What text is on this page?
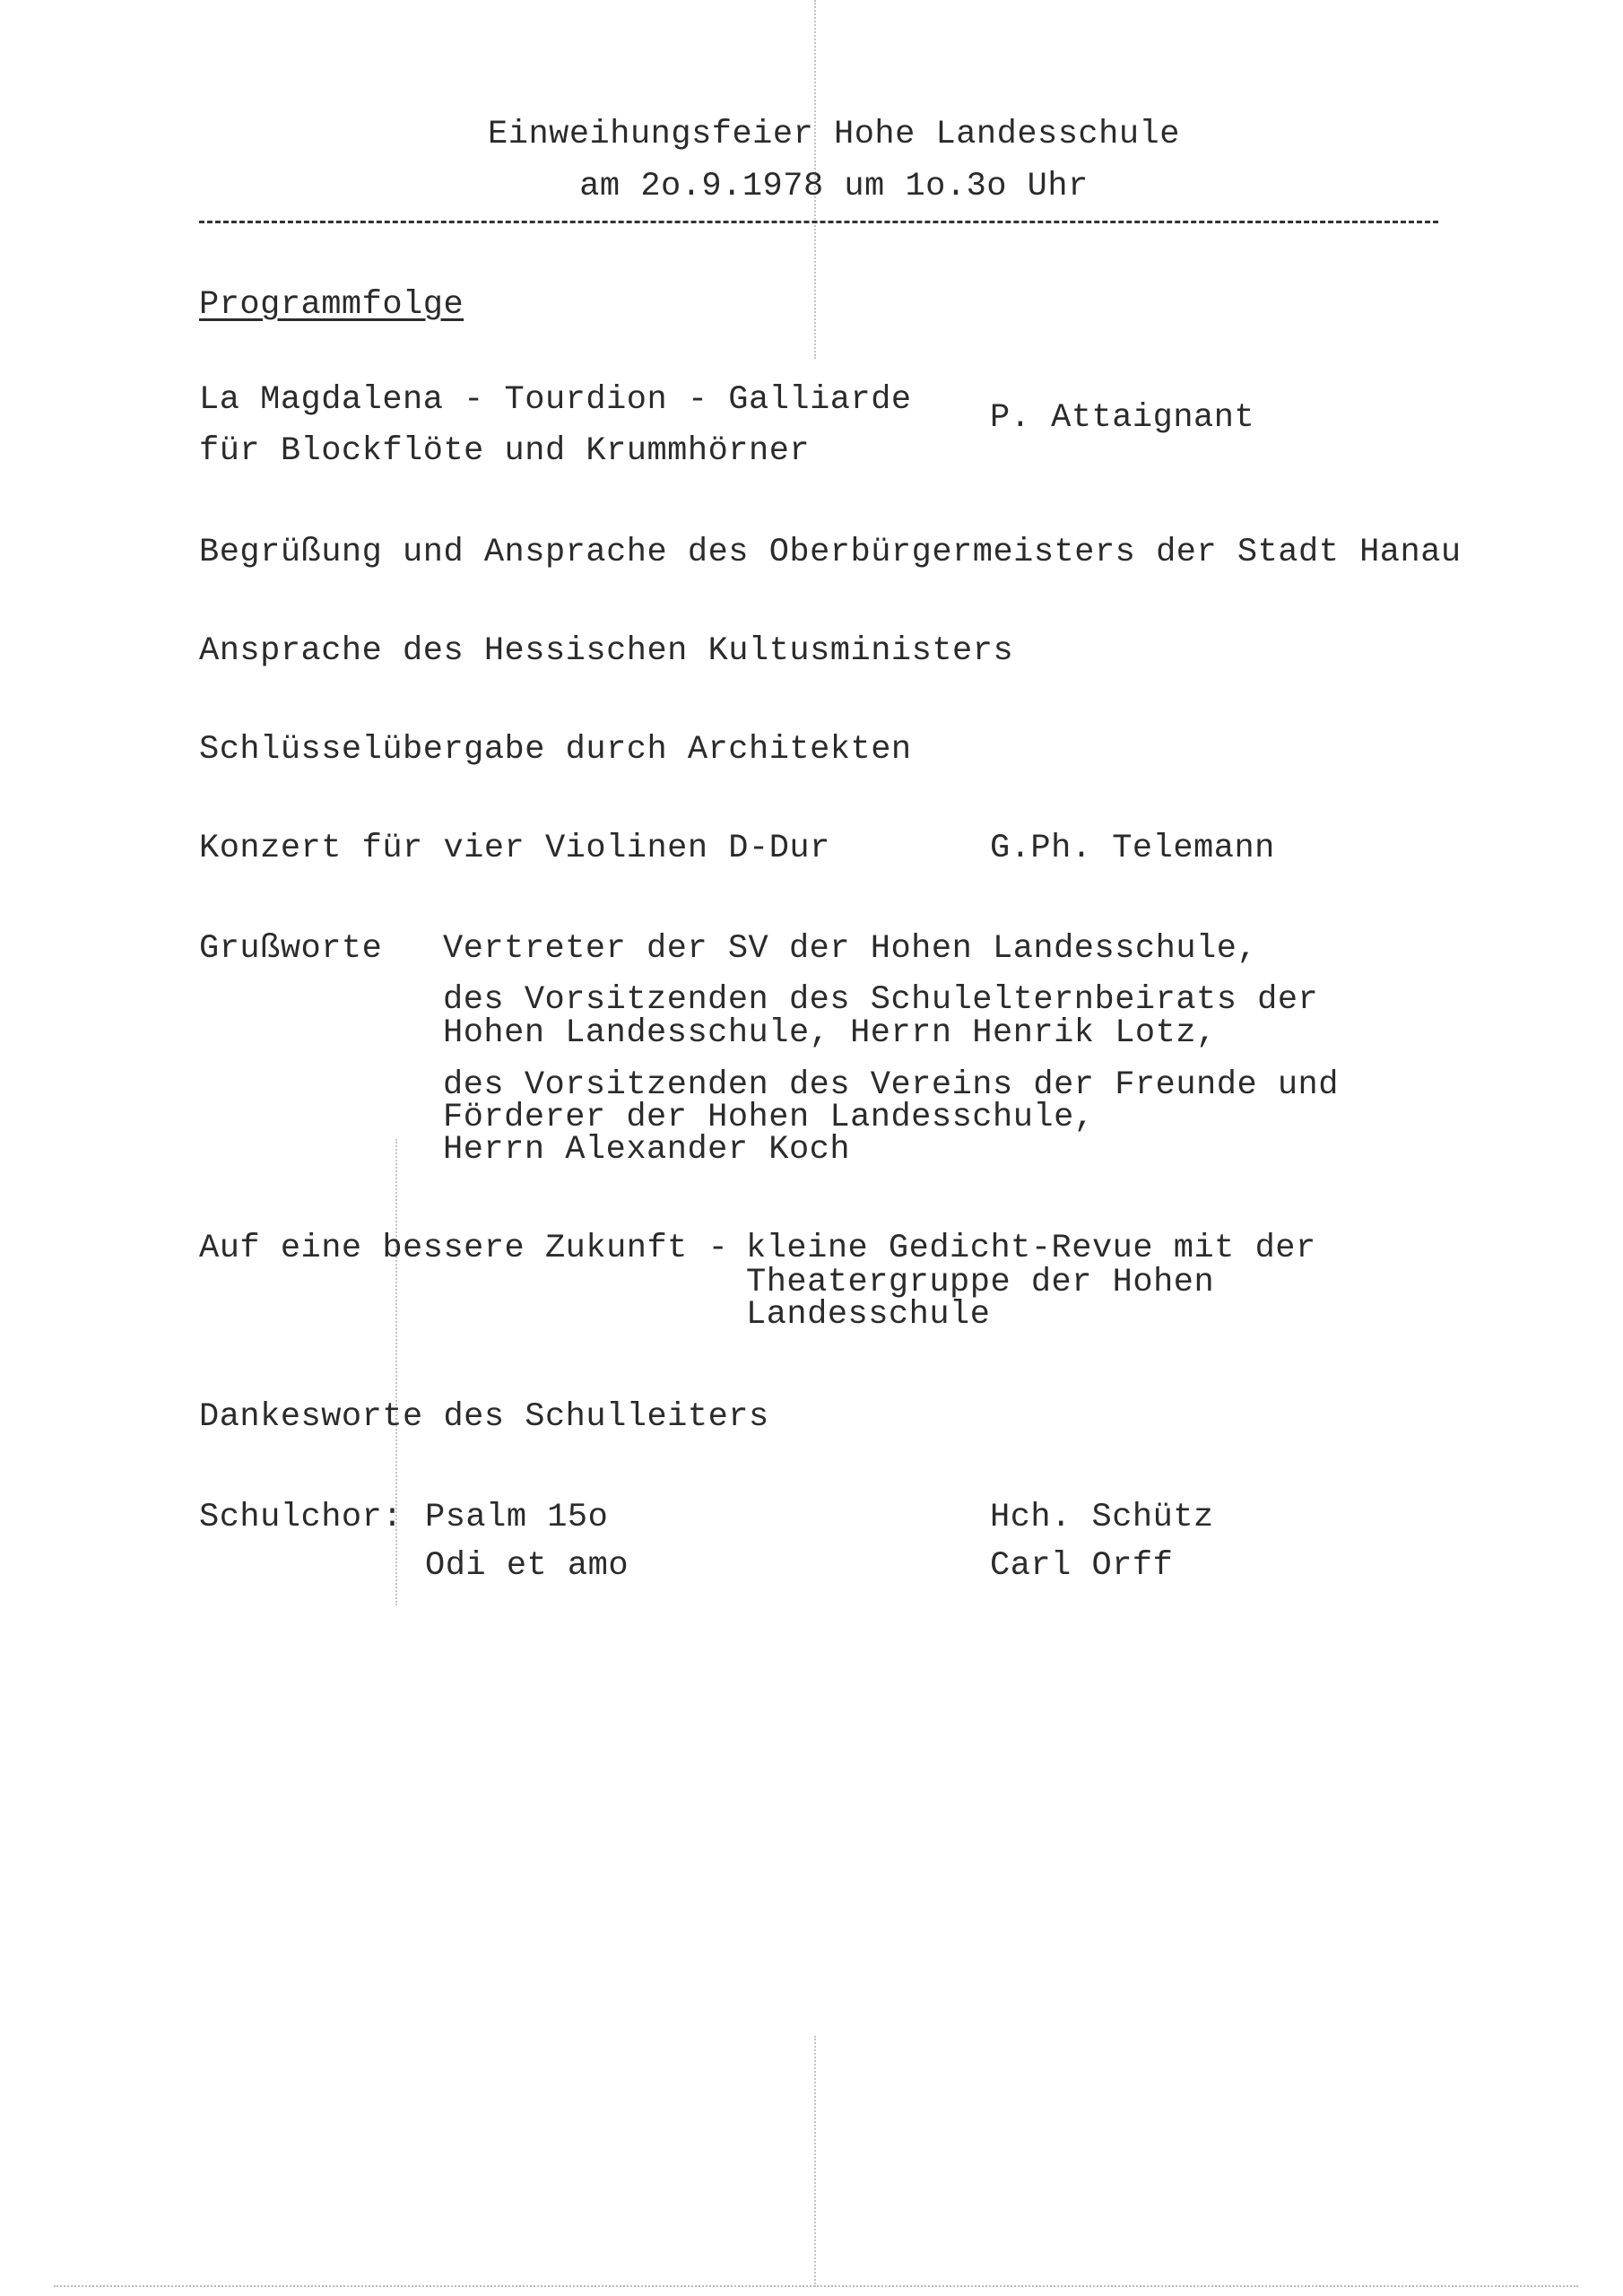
Einweihungsfeier Hohe Landesschule
am 2o.9.1978 um 1o.3o Uhr
Programmfolge
La Magdalena - Tourdion - Galliarde
für Blockflöte und Krummhörner
P. Attaignant
Begrüßung und Ansprache des Oberbürgermeisters der Stadt Hanau
Ansprache des Hessischen Kultusministers
Schlüsselübergabe durch Architekten
Konzert für vier Violinen D-Dur	G.Ph. Telemann
Grußworte Vertreter der SV der Hohen Landesschule,
des Vorsitzenden des Schulelternbeirats der
Hohen Landesschule, Herrn Henrik Lotz,
des Vorsitzenden des Vereins der Freunde und
Förderer der Hohen Landesschule,
Herrn Alexander Koch
Auf eine bessere Zukunft - kleine Gedicht-Revue mit der
Theatergruppe der Hohen
Landesschule
Dankesworte des Schulleiters
Schulchor: Psalm 15o	Hch. Schütz
Odi et amo	Carl Orff
